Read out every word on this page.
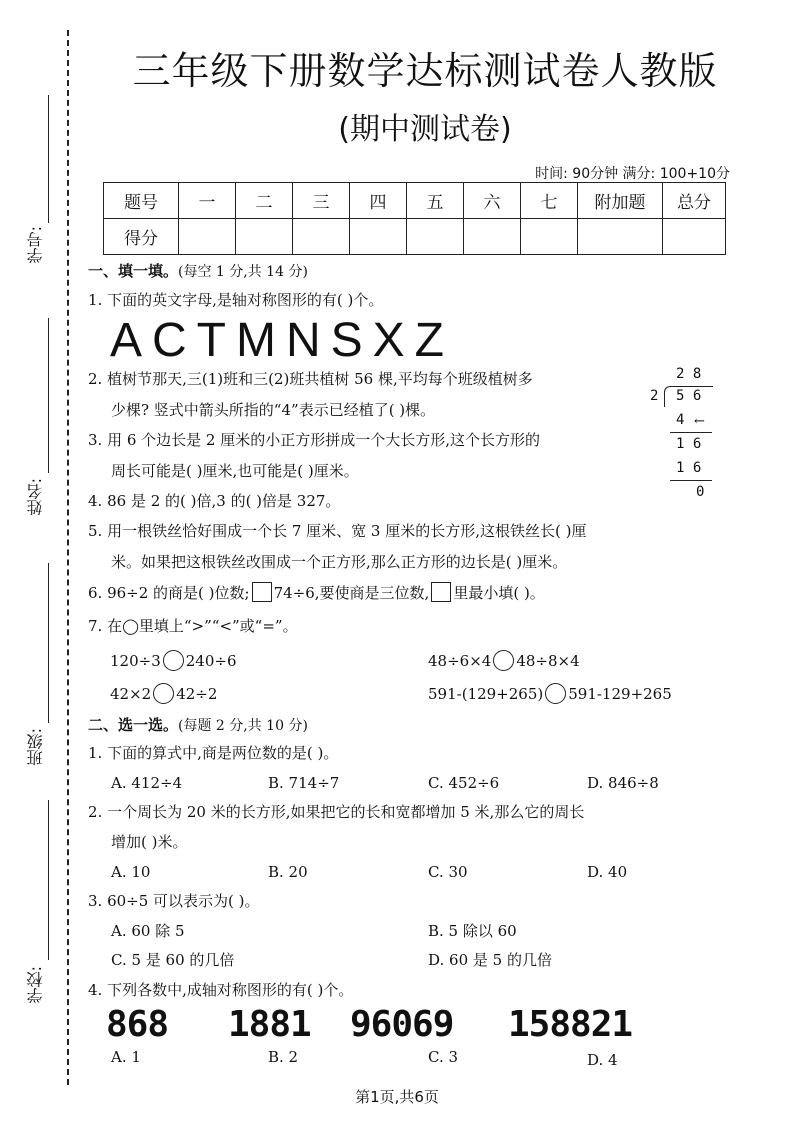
学号:
姓名:
班级:
学校:
三年级下册数学达标测试卷人教版
(期中测试卷)
时间: 90分钟 满分: 100+10分
题号	一	二	三	四	五	六	七	附加题	总分
得分									
一、填一填。(每空 1 分,共 14 分)
1. 下面的英文字母,是轴对称图形的有( )个。
ACTMNSXZ
2. 植树节那天,三(1)班和三(2)班共植树 56 棵,平均每个班级植树多
少棵? 竖式中箭头所指的“4”表示已经植了( )棵。
2 8
2 5 6
4 ←
1 6
1 6
0
3. 用 6 个边长是 2 厘米的小正方形拼成一个大长方形,这个长方形的
周长可能是( )厘米,也可能是( )厘米。
4. 86 是 2 的( )倍,3 的( )倍是 327。
5. 用一根铁丝恰好围成一个长 7 厘米、宽 3 厘米的长方形,这根铁丝长( )厘
米。如果把这根铁丝改围成一个正方形,那么正方形的边长是( )厘米。
6. 96÷2 的商是( )位数; 74÷6,要使商是三位数, 里最小填( )。
7. 在◯里填上“>”“<”或“=”。
120÷3 240÷6	48÷6×4 48÷8×4
42×2 42÷2	591-(129+265) 591-129+265
二、选一选。(每题 2 分,共 10 分)
1. 下面的算式中,商是两位数的是( )。
A. 412÷4	B. 714÷7	C. 452÷6	D. 846÷8
2. 一个周长为 20 米的长方形,如果把它的长和宽都增加 5 米,那么它的周长
增加( )米。
A. 10	B. 20	C. 30	D. 40
3. 60÷5 可以表示为( )。
A. 60 除 5	B. 5 除以 60
C. 5 是 60 的几倍	D. 60 是 5 的几倍
4. 下列各数中,成轴对称图形的有( )个。
868 1881 96069 158821
A. 1	B. 2	C. 3	D. 4
第1页,共6页
